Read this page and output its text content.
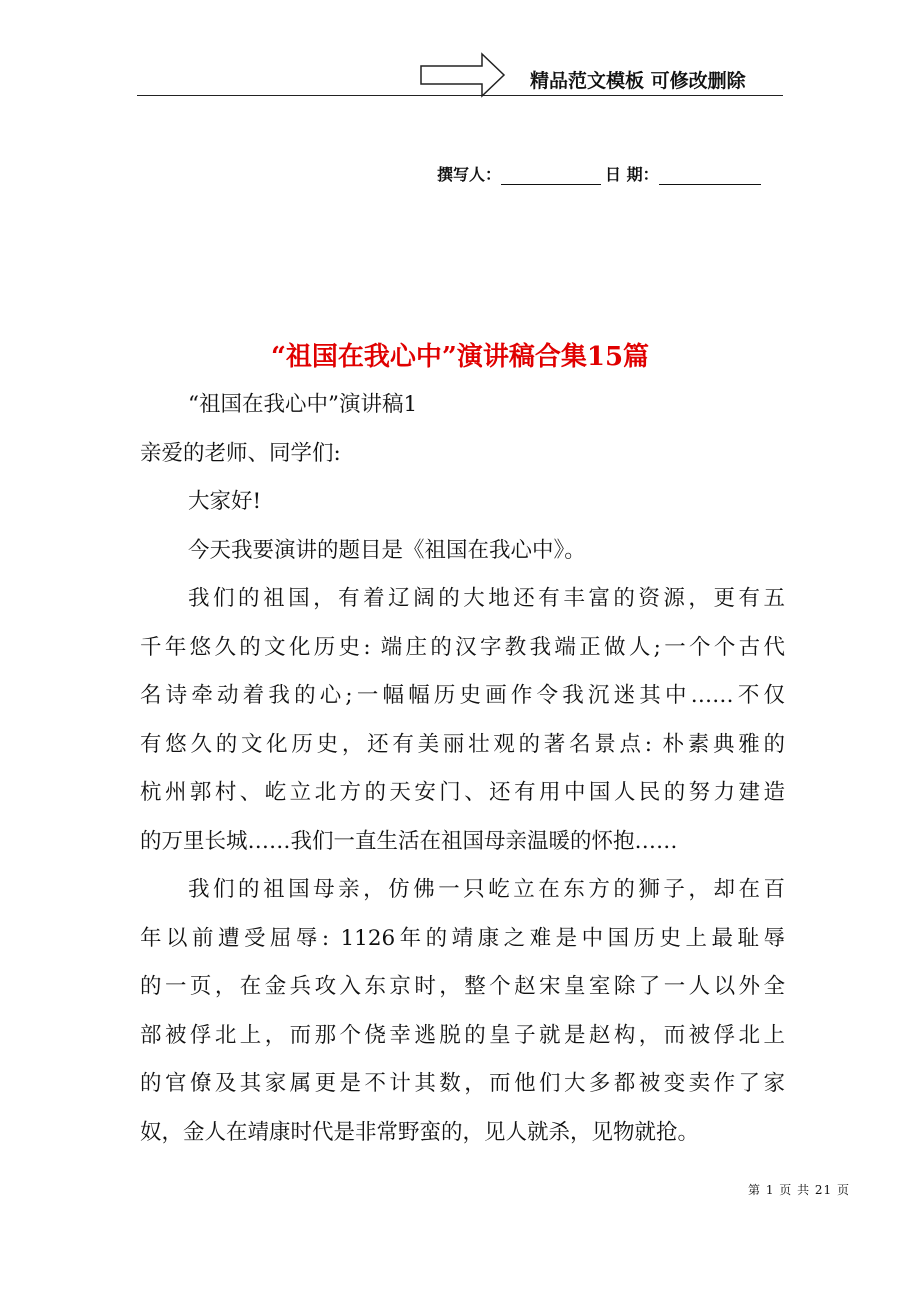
精品范文模板 可修改删除
撰写人：	日 期：
“祖国在我心中”演讲稿合集15篇
“祖国在我心中”演讲稿1
亲爱的老师、同学们:
大家好!
今天我要演讲的题目是《祖国在我心中》。
我们的祖国，有着辽阔的大地还有丰富的资源，更有五
千年悠久的文化历史: 端庄的汉字教我端正做人;一个个古代
名诗牵动着我的心;一幅幅历史画作令我沉迷其中……不仅
有悠久的文化历史，还有美丽壮观的著名景点: 朴素典雅的
杭州郭村、屹立北方的天安门、还有用中国人民的努力建造
的万里长城……我们一直生活在祖国母亲温暖的怀抱……
我们的祖国母亲，仿佛一只屹立在东方的狮子，却在百
年以前遭受屈辱: 1126年的靖康之难是中国历史上最耻辱
的一页，在金兵攻入东京时，整个赵宋皇室除了一人以外全
部被俘北上，而那个侥幸逃脱的皇子就是赵构，而被俘北上
的官僚及其家属更是不计其数，而他们大多都被变卖作了家
奴，金人在靖康时代是非常野蛮的，见人就杀，见物就抢。
第 1 页 共 21 页
